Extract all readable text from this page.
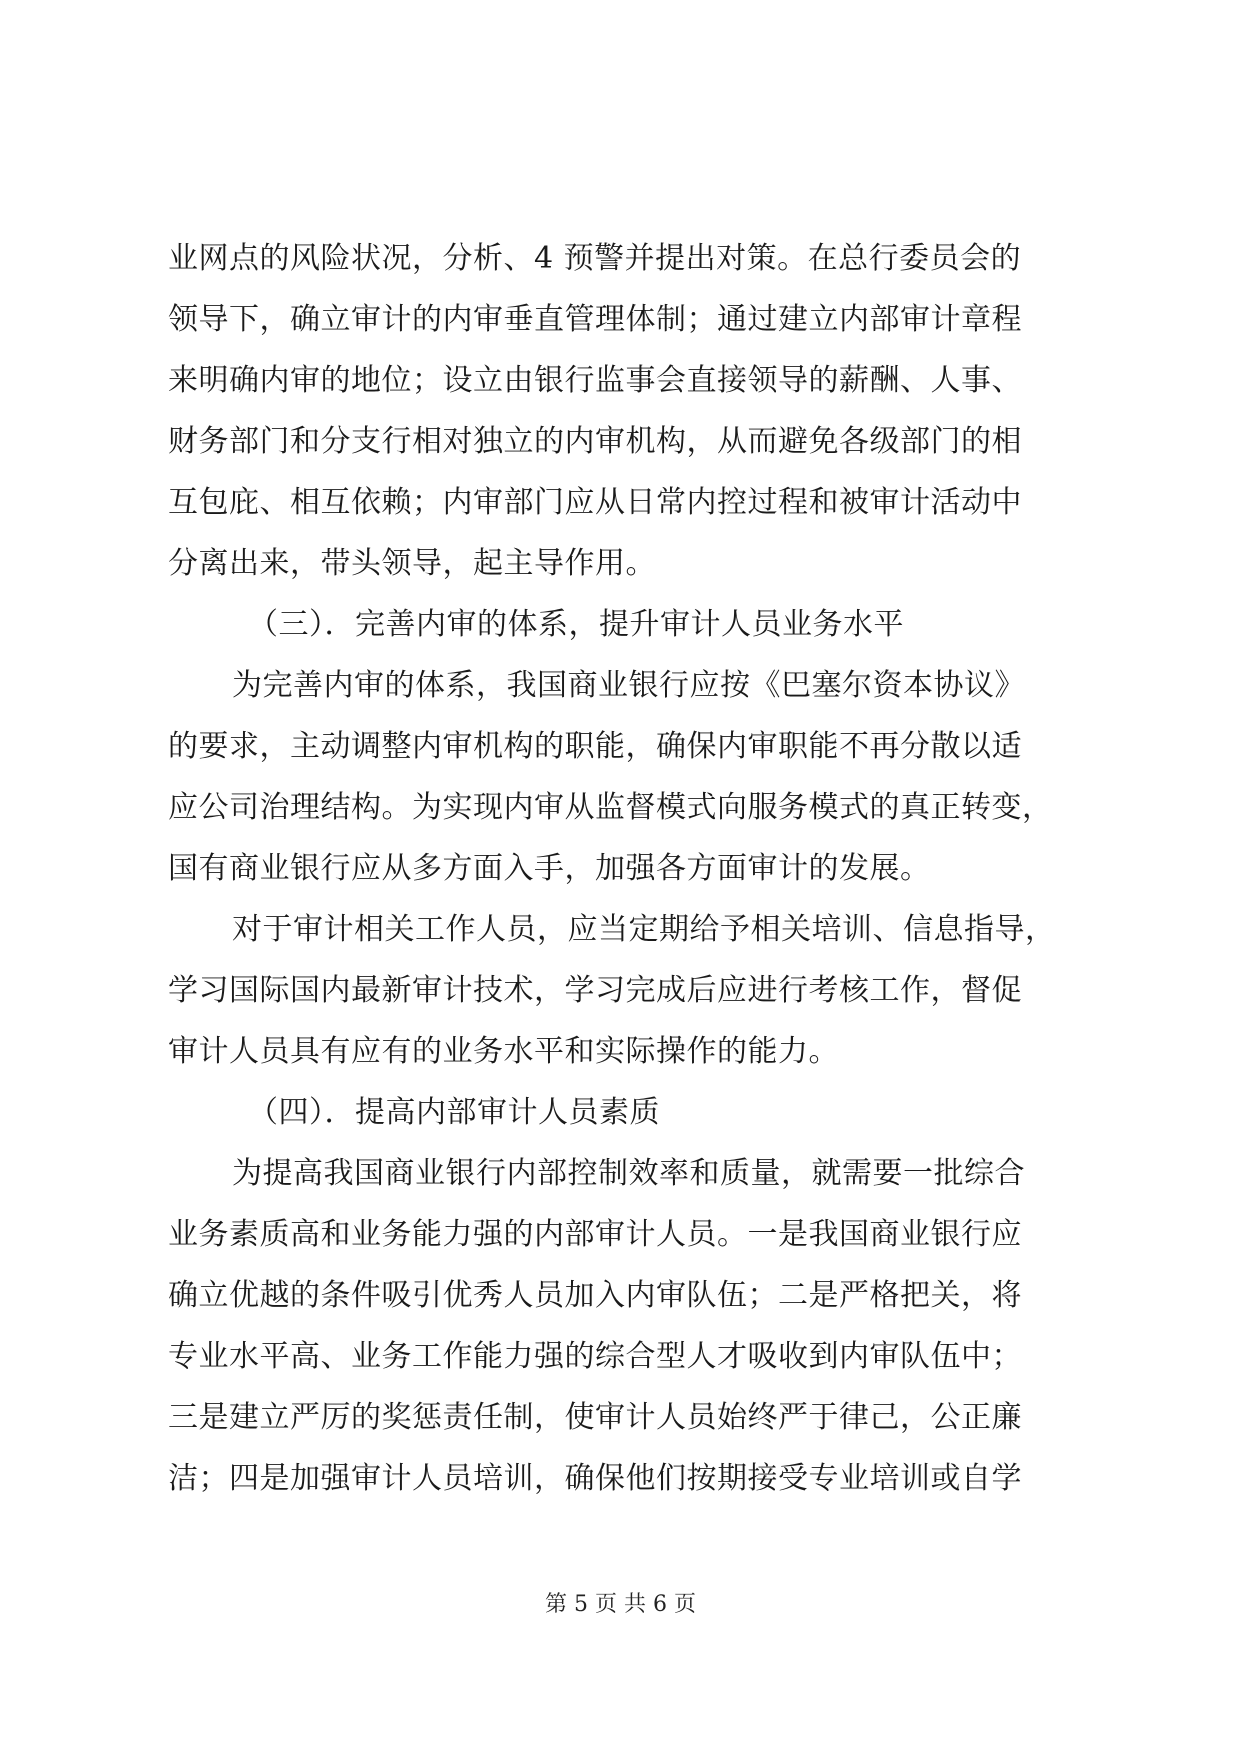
业网点的风险状况，分析、4 预警并提出对策。在总行委员会的
领导下，确立审计的内审垂直管理体制；通过建立内部审计章程
来明确内审的地位；设立由银行监事会直接领导的薪酬、人事、
财务部门和分支行相对独立的内审机构，从而避免各级部门的相
互包庇、相互依赖；内审部门应从日常内控过程和被审计活动中
分离出来，带头领导，起主导作用。
（三）．完善内审的体系，提升审计人员业务水平
为完善内审的体系，我国商业银行应按《巴塞尔资本协议》
的要求，主动调整内审机构的职能，确保内审职能不再分散以适
应公司治理结构。为实现内审从监督模式向服务模式的真正转变，
国有商业银行应从多方面入手，加强各方面审计的发展。
对于审计相关工作人员，应当定期给予相关培训、信息指导，
学习国际国内最新审计技术，学习完成后应进行考核工作，督促
审计人员具有应有的业务水平和实际操作的能力。
（四）．提高内部审计人员素质
为提高我国商业银行内部控制效率和质量，就需要一批综合
业务素质高和业务能力强的内部审计人员。一是我国商业银行应
确立优越的条件吸引优秀人员加入内审队伍；二是严格把关，将
专业水平高、业务工作能力强的综合型人才吸收到内审队伍中；
三是建立严厉的奖惩责任制，使审计人员始终严于律己，公正廉
洁；四是加强审计人员培训，确保他们按期接受专业培训或自学
第 5 页 共 6 页
